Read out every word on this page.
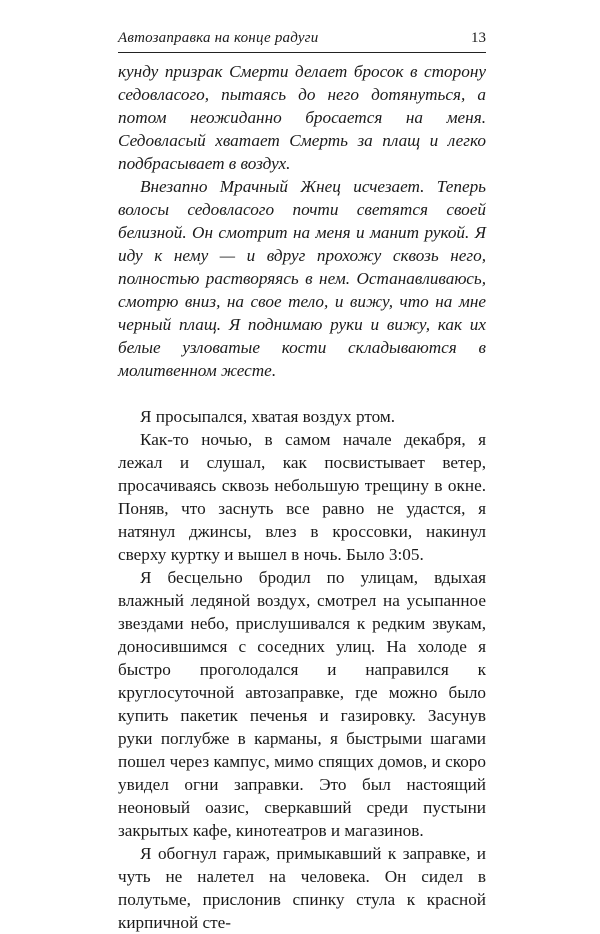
Автозаправка на конце радуги	13

кунду призрак Смерти делает бросок в сторону седовласого, пытаясь до него дотянуться, а потом неожиданно бросается на меня. Седовласый хватает Смерть за плащ и легко подбрасывает в воздух.

Внезапно Мрачный Жнец исчезает. Теперь волосы седовласого почти светятся своей белизной. Он смотрит на меня и манит рукой. Я иду к нему — и вдруг прохожу сквозь него, полностью растворяясь в нем. Останавливаюсь, смотрю вниз, на свое тело, и вижу, что на мне черный плащ. Я поднимаю руки и вижу, как их белые узловатые кости складываются в молитвенном жесте.

Я просыпался, хватая воздух ртом.

Как-то ночью, в самом начале декабря, я лежал и слушал, как посвистывает ветер, просачиваясь сквозь небольшую трещину в окне. Поняв, что заснуть все равно не удастся, я натянул джинсы, влез в кроссовки, накинул сверху куртку и вышел в ночь. Было 3:05.

Я бесцельно бродил по улицам, вдыхая влажный ледяной воздух, смотрел на усыпанное звездами небо, прислушивался к редким звукам, доносившимся с соседних улиц. На холоде я быстро проголодался и направился к круглосуточной автозаправке, где можно было купить пакетик печенья и газировку. Засунув руки поглубже в карманы, я быстрыми шагами пошел через кампус, мимо спящих домов, и скоро увидел огни заправки. Это был настоящий неоновый оазис, сверкавший среди пустыни закрытых кафе, кинотеатров и магазинов.

Я обогнул гараж, примыкавший к заправке, и чуть не налетел на человека. Он сидел в полутьме, прислонив спинку стула к красной кирпичной сте-
